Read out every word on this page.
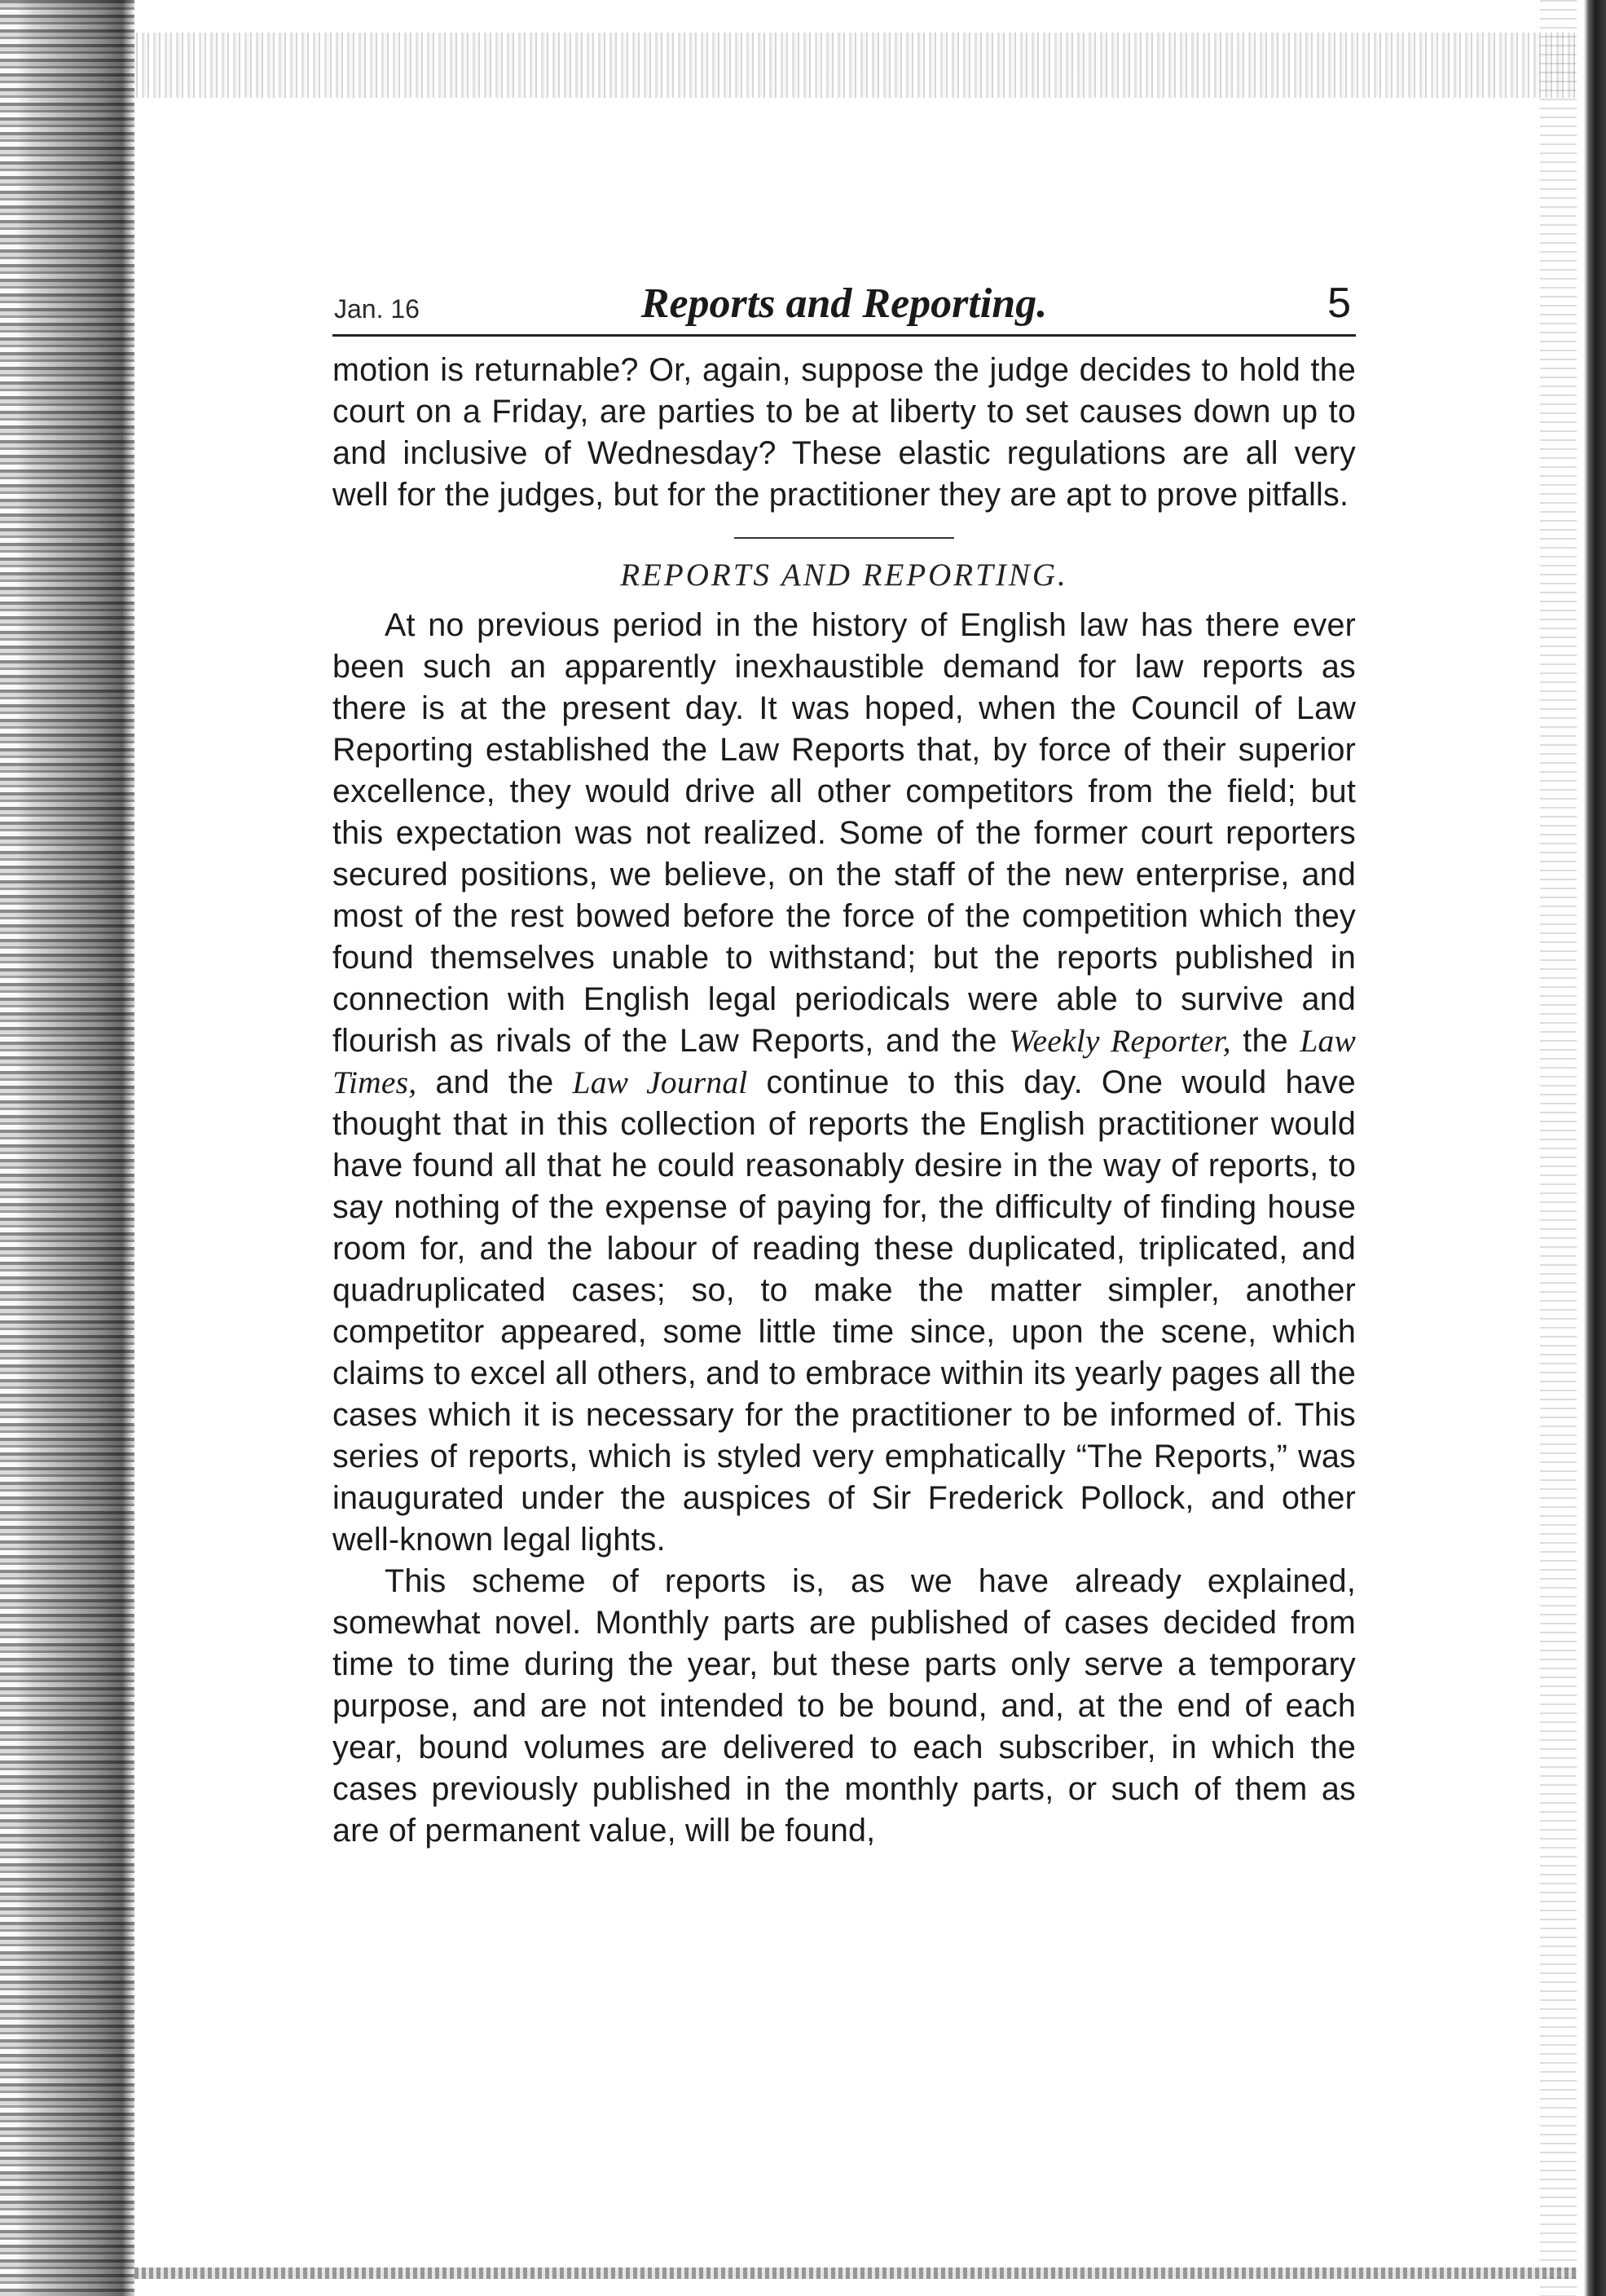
Jan. 16	Reports and Reporting.	5

motion is returnable? Or, again, suppose the judge decides to hold the court on a Friday, are parties to be at liberty to set causes down up to and inclusive of Wednesday? These elastic regulations are all very well for the judges, but for the practitioner they are apt to prove pitfalls.

REPORTS AND REPORTING.

At no previous period in the history of English law has there ever been such an apparently inexhaustible demand for law reports as there is at the present day. It was hoped, when the Council of Law Reporting established the Law Reports that, by force of their superior excellence, they would drive all other competitors from the field; but this expectation was not realized. Some of the former court reporters secured positions, we believe, on the staff of the new enterprise, and most of the rest bowed before the force of the competition which they found themselves unable to withstand; but the reports published in connection with English legal periodicals were able to survive and flourish as rivals of the Law Reports, and the Weekly Reporter, the Law Times, and the Law Journal continue to this day. One would have thought that in this collection of reports the English practitioner would have found all that he could reasonably desire in the way of reports, to say nothing of the expense of paying for, the difficulty of finding house room for, and the labour of reading these duplicated, triplicated, and quadruplicated cases; so, to make the matter simpler, another competitor appeared, some little time since, upon the scene, which claims to excel all others, and to embrace within its yearly pages all the cases which it is necessary for the practitioner to be informed of. This series of reports, which is styled very emphatically “The Reports,” was inaugurated under the auspices of Sir Frederick Pollock, and other well-known legal lights.

This scheme of reports is, as we have already explained, somewhat novel. Monthly parts are published of cases decided from time to time during the year, but these parts only serve a temporary purpose, and are not intended to be bound, and, at the end of each year, bound volumes are delivered to each subscriber, in which the cases previously published in the monthly parts, or such of them as are of permanent value, will be found,
